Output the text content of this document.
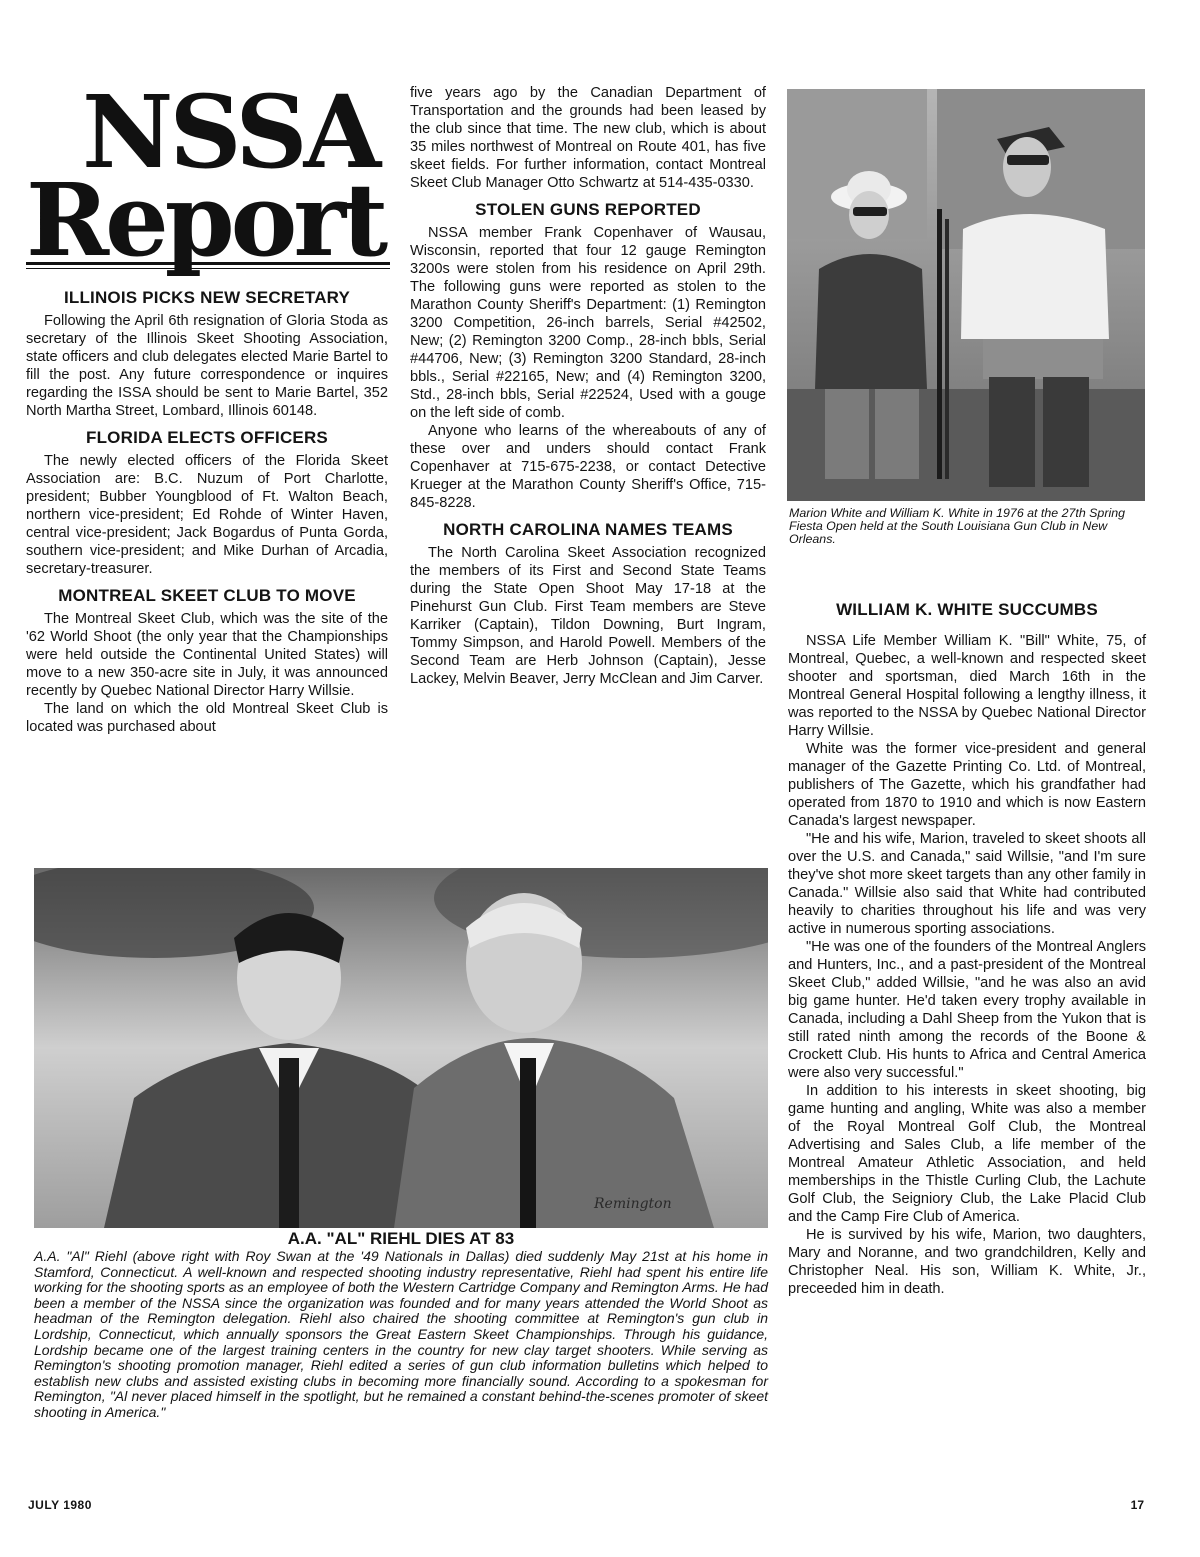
NSSA
Report
ILLINOIS PICKS NEW SECRETARY

Following the April 6th resignation of Gloria Stoda as secretary of the Illinois Skeet Shooting Association, state officers and club delegates elected Marie Bartel to fill the post. Any future correspondence or inquires regarding the ISSA should be sent to Marie Bartel, 352 North Martha Street, Lombard, Illinois 60148.

FLORIDA ELECTS OFFICERS

The newly elected officers of the Florida Skeet Association are: B.C. Nuzum of Port Charlotte, president; Bubber Youngblood of Ft. Walton Beach, northern vice-president; Ed Rohde of Winter Haven, central vice-president; Jack Bogardus of Punta Gorda, southern vice-president; and Mike Durhan of Arcadia, secretary-treasurer.

MONTREAL SKEET CLUB TO MOVE

The Montreal Skeet Club, which was the site of the '62 World Shoot (the only year that the Championships were held outside the Continental United States) will move to a new 350-acre site in July, it was announced recently by Quebec National Director Harry Willsie.

The land on which the old Montreal Skeet Club is located was purchased about

five years ago by the Canadian Department of Transportation and the grounds had been leased by the club since that time. The new club, which is about 35 miles northwest of Montreal on Route 401, has five skeet fields. For further information, contact Montreal Skeet Club Manager Otto Schwartz at 514-435-0330.

STOLEN GUNS REPORTED

NSSA member Frank Copenhaver of Wausau, Wisconsin, reported that four 12 gauge Remington 3200s were stolen from his residence on April 29th. The following guns were reported as stolen to the Marathon County Sheriff's Department: (1) Remington 3200 Competition, 26-inch barrels, Serial #42502, New; (2) Remington 3200 Comp., 28-inch bbls, Serial #44706, New; (3) Remington 3200 Standard, 28-inch bbls., Serial #22165, New; and (4) Remington 3200, Std., 28-inch bbls, Serial #22524, Used with a gouge on the left side of comb.

Anyone who learns of the whereabouts of any of these over and unders should contact Frank Copenhaver at 715-675-2238, or contact Detective Krueger at the Marathon County Sheriff's Office, 715-845-8228.

NORTH CAROLINA NAMES TEAMS

The North Carolina Skeet Association recognized the members of its First and Second State Teams during the State Open Shoot May 17-18 at the Pinehurst Gun Club. First Team members are Steve Karriker (Captain), Tildon Downing, Burt Ingram, Tommy Simpson, and Harold Powell. Members of the Second Team are Herb Johnson (Captain), Jesse Lackey, Melvin Beaver, Jerry McClean and Jim Carver.

Marion White and William K. White in 1976 at the 27th Spring Fiesta Open held at the South Louisiana Gun Club in New Orleans.
WILLIAM K. WHITE SUCCUMBS

NSSA Life Member William K. "Bill" White, 75, of Montreal, Quebec, a well-known and respected skeet shooter and sportsman, died March 16th in the Montreal General Hospital following a lengthy illness, it was reported to the NSSA by Quebec National Director Harry Willsie.

White was the former vice-president and general manager of the Gazette Printing Co. Ltd. of Montreal, publishers of The Gazette, which his grandfather had operated from 1870 to 1910 and which is now Eastern Canada's largest newspaper.

"He and his wife, Marion, traveled to skeet shoots all over the U.S. and Canada," said Willsie, "and I'm sure they've shot more skeet targets than any other family in Canada." Willsie also said that White had contributed heavily to charities throughout his life and was very active in numerous sporting associations.

"He was one of the founders of the Montreal Anglers and Hunters, Inc., and a past-president of the Montreal Skeet Club," added Willsie, "and he was also an avid big game hunter. He'd taken every trophy available in Canada, including a Dahl Sheep from the Yukon that is still rated ninth among the records of the Boone & Crockett Club. His hunts to Africa and Central America were also very successful."

In addition to his interests in skeet shooting, big game hunting and angling, White was also a member of the Royal Montreal Golf Club, the Montreal Advertising and Sales Club, a life member of the Montreal Amateur Athletic Association, and held memberships in the Thistle Curling Club, the Lachute Golf Club, the Seigniory Club, the Lake Placid Club and the Camp Fire Club of America.

He is survived by his wife, Marion, two daughters, Mary and Noranne, and two grandchildren, Kelly and Christopher Neal. His son, William K. White, Jr., preceeded him in death.

Remington
A.A. "AL" RIEHL DIES AT 83
A.A. "Al" Riehl (above right with Roy Swan at the '49 Nationals in Dallas) died suddenly May 21st at his home in Stamford, Connecticut. A well-known and respected shooting industry representative, Riehl had spent his entire life working for the shooting sports as an employee of both the Western Cartridge Company and Remington Arms. He had been a member of the NSSA since the organization was founded and for many years attended the World Shoot as headman of the Remington delegation. Riehl also chaired the shooting committee at Remington's gun club in Lordship, Connecticut, which annually sponsors the Great Eastern Skeet Championships. Through his guidance, Lordship became one of the largest training centers in the country for new clay target shooters. While serving as Remington's shooting promotion manager, Riehl edited a series of gun club information bulletins which helped to establish new clubs and assisted existing clubs in becoming more financially sound. According to a spokesman for Remington, "Al never placed himself in the spotlight, but he remained a constant behind-the-scenes promoter of skeet shooting in America."
JULY 1980	17
